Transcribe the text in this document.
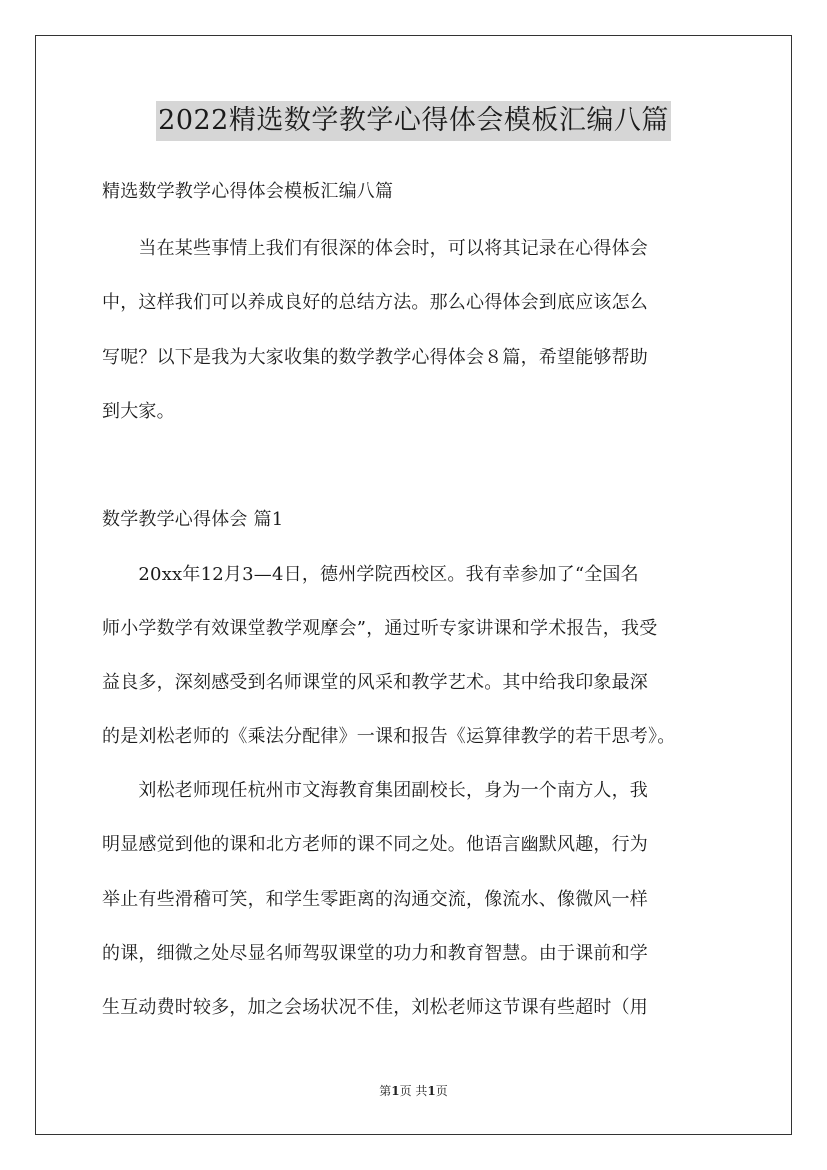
2022精选数学教学心得体会模板汇编八篇
精选数学教学心得体会模板汇编八篇
　　当在某些事情上我们有很深的体会时，可以将其记录在心得体会
中，这样我们可以养成良好的总结方法。那么心得体会到底应该怎么
写呢？以下是我为大家收集的数学教学心得体会８篇，希望能够帮助
到大家。
数学教学心得体会 篇1
　　20xx年12月3—4日，德州学院西校区。我有幸参加了“全国名
师小学数学有效课堂教学观摩会”，通过听专家讲课和学术报告，我受
益良多，深刻感受到名师课堂的风采和教学艺术。其中给我印象最深
的是刘松老师的《乘法分配律》一课和报告《运算律教学的若干思考》。
　　刘松老师现任杭州市文海教育集团副校长，身为一个南方人，我
明显感觉到他的课和北方老师的课不同之处。他语言幽默风趣，行为
举止有些滑稽可笑，和学生零距离的沟通交流，像流水、像微风一样
的课，细微之处尽显名师驾驭课堂的功力和教育智慧。由于课前和学
生互动费时较多，加之会场状况不佳，刘松老师这节课有些超时（用
第1页 共1页
